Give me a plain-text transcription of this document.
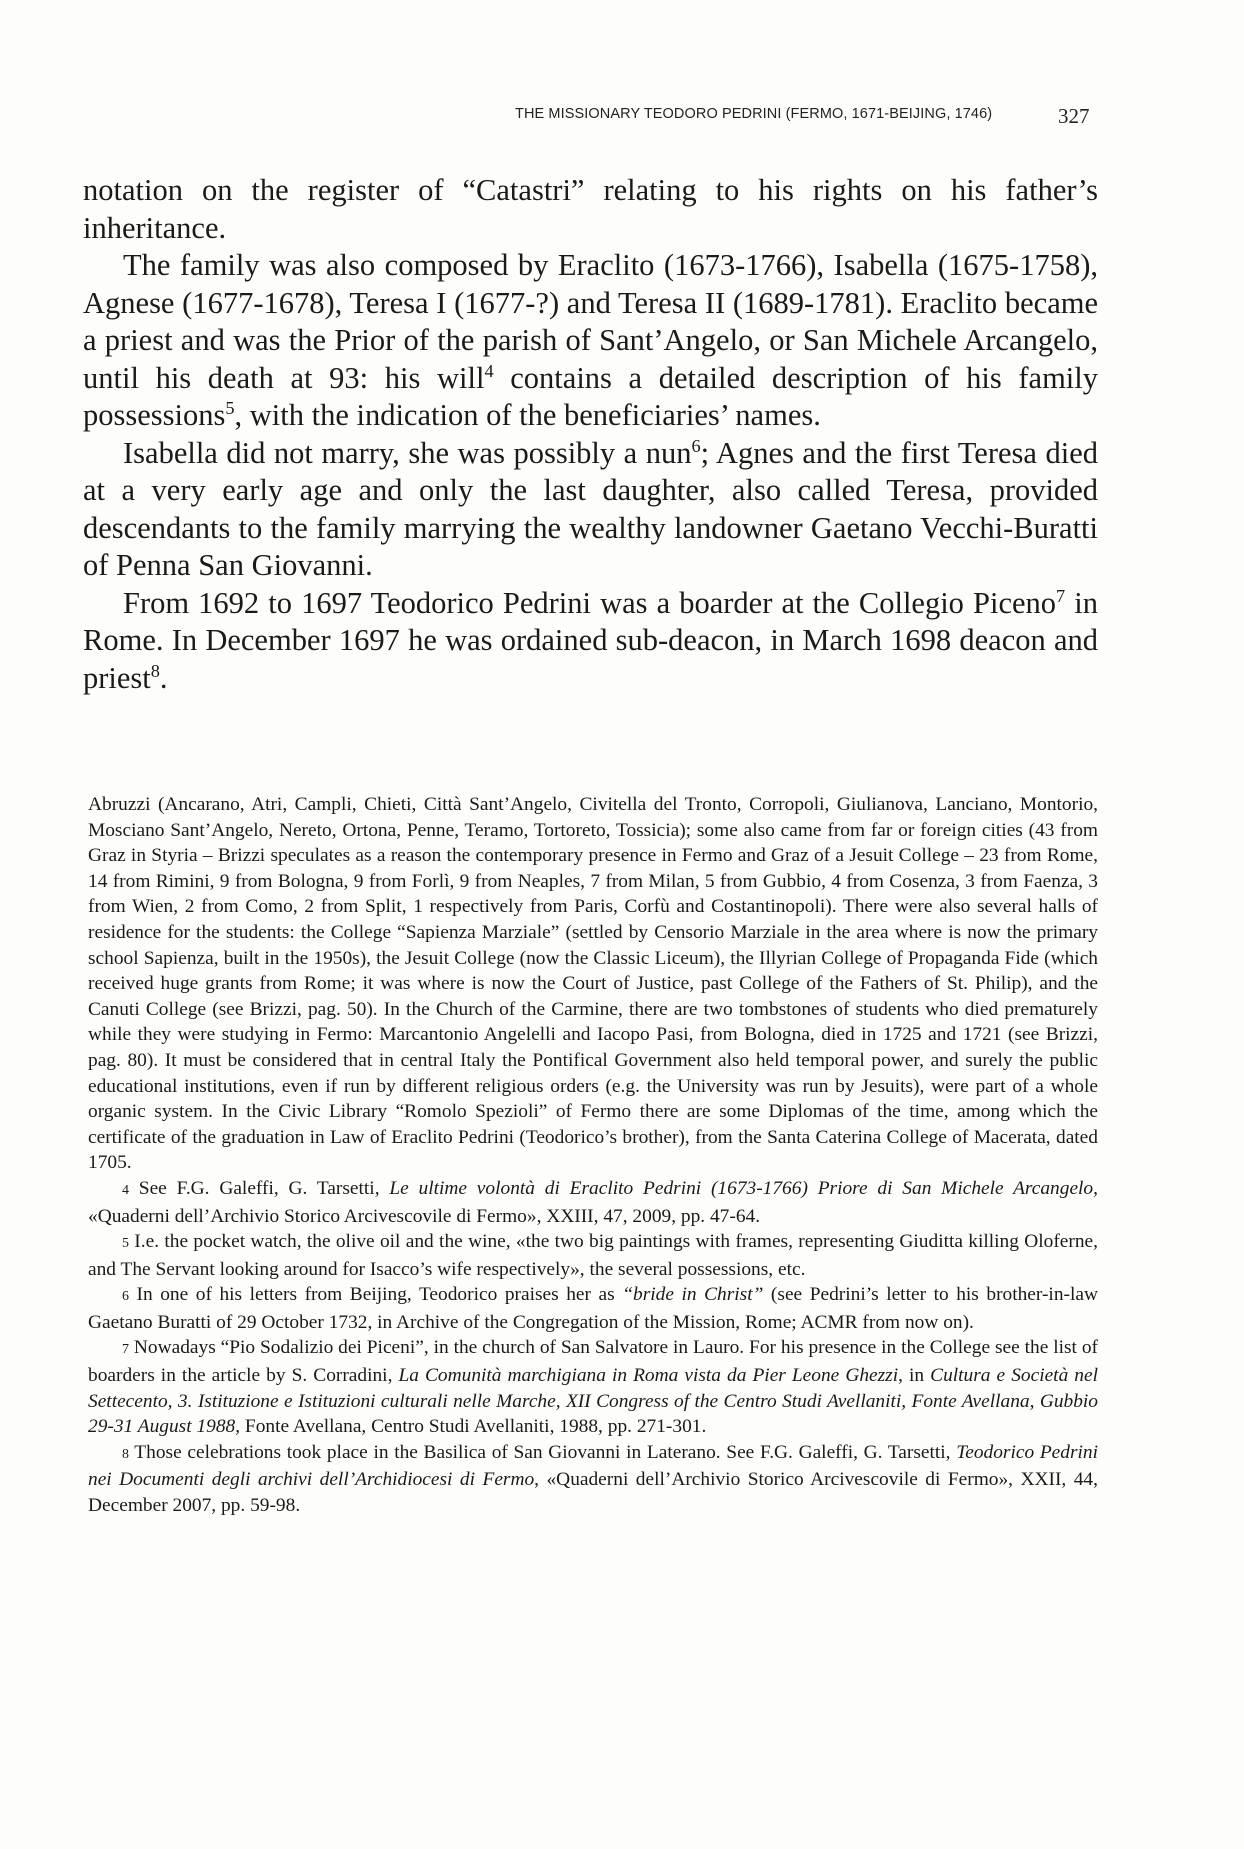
THE MISSIONARY TEODORO PEDRINI (FERMO, 1671-BEIJING, 1746)	327

notation on the register of “Catastri” relating to his rights on his father’s inheritance.

The family was also composed by Eraclito (1673-1766), Isabella (1675-1758), Agnese (1677-1678), Teresa I (1677-?) and Teresa II (1689-1781). Eraclito became a priest and was the Prior of the parish of Sant’Angelo, or San Michele Arcangelo, until his death at 93: his will$^4$ contains a detailed description of his family possessions$^5$, with the indication of the beneficiaries’ names.

Isabella did not marry, she was possibly a nun$^6$; Agnes and the first Teresa died at a very early age and only the last daughter, also called Teresa, provided descendants to the family marrying the wealthy landowner Gaetano Vecchi-Buratti of Penna San Giovanni.

From 1692 to 1697 Teodorico Pedrini was a boarder at the Collegio Piceno$^7$ in Rome. In December 1697 he was ordained sub-deacon, in March 1698 deacon and priest$^8$.

Abruzzi (Ancarano, Atri, Campli, Chieti, Città Sant’Angelo, Civitella del Tronto, Corropoli, Giulianova, Lanciano, Montorio, Mosciano Sant’Angelo, Nereto, Ortona, Penne, Teramo, Tortoreto, Tossicia); some also came from far or foreign cities (43 from Graz in Styria – Brizzi speculates as a reason the contemporary presence in Fermo and Graz of a Jesuit College – 23 from Rome, 14 from Rimini, 9 from Bologna, 9 from Forlì, 9 from Neaples, 7 from Milan, 5 from Gubbio, 4 from Cosenza, 3 from Faenza, 3 from Wien, 2 from Como, 2 from Split, 1 respectively from Paris, Corfù and Costantinopoli). There were also several halls of residence for the students: the College “Sapienza Marziale” (settled by Censorio Marziale in the area where is now the primary school Sapienza, built in the 1950s), the Jesuit College (now the Classic Liceum), the Illyrian College of Propaganda Fide (which received huge grants from Rome; it was where is now the Court of Justice, past College of the Fathers of St. Philip), and the Canuti College (see Brizzi, pag. 50). In the Church of the Carmine, there are two tombstones of students who died prematurely while they were studying in Fermo: Marcantonio Angelelli and Iacopo Pasi, from Bologna, died in 1725 and 1721 (see Brizzi, pag. 80). It must be considered that in central Italy the Pontifical Government also held temporal power, and surely the public educational institutions, even if run by different religious orders (e.g. the University was run by Jesuits), were part of a whole organic system. In the Civic Library “Romolo Spezioli” of Fermo there are some Diplomas of the time, among which the certificate of the graduation in Law of Eraclito Pedrini (Teodorico’s brother), from the Santa Caterina College of Macerata, dated 1705.

4 See F.G. Galeffi, G. Tarsetti, Le ultime volontà di Eraclito Pedrini (1673-1766) Priore di San Michele Arcangelo, «Quaderni dell’Archivio Storico Arcivescovile di Fermo», XXIII, 47, 2009, pp. 47-64.

5 I.e. the pocket watch, the olive oil and the wine, «the two big paintings with frames, representing Giuditta killing Oloferne, and The Servant looking around for Isacco’s wife respectively», the several possessions, etc.

6 In one of his letters from Beijing, Teodorico praises her as “bride in Christ” (see Pedrini’s letter to his brother-in-law Gaetano Buratti of 29 October 1732, in Archive of the Congregation of the Mission, Rome; ACMR from now on).

7 Nowadays “Pio Sodalizio dei Piceni”, in the church of San Salvatore in Lauro. For his presence in the College see the list of boarders in the article by S. Corradini, La Comunità marchigiana in Roma vista da Pier Leone Ghezzi, in Cultura e Società nel Settecento, 3. Istituzione e Istituzioni culturali nelle Marche, XII Congress of the Centro Studi Avellaniti, Fonte Avellana, Gubbio 29-31 August 1988, Fonte Avellana, Centro Studi Avellaniti, 1988, pp. 271-301.

8 Those celebrations took place in the Basilica of San Giovanni in Laterano. See F.G. Galeffi, G. Tarsetti, Teodorico Pedrini nei Documenti degli archivi dell’Archidiocesi di Fermo, «Quaderni dell’Archivio Storico Arcivescovile di Fermo», XXII, 44, December 2007, pp. 59-98.
